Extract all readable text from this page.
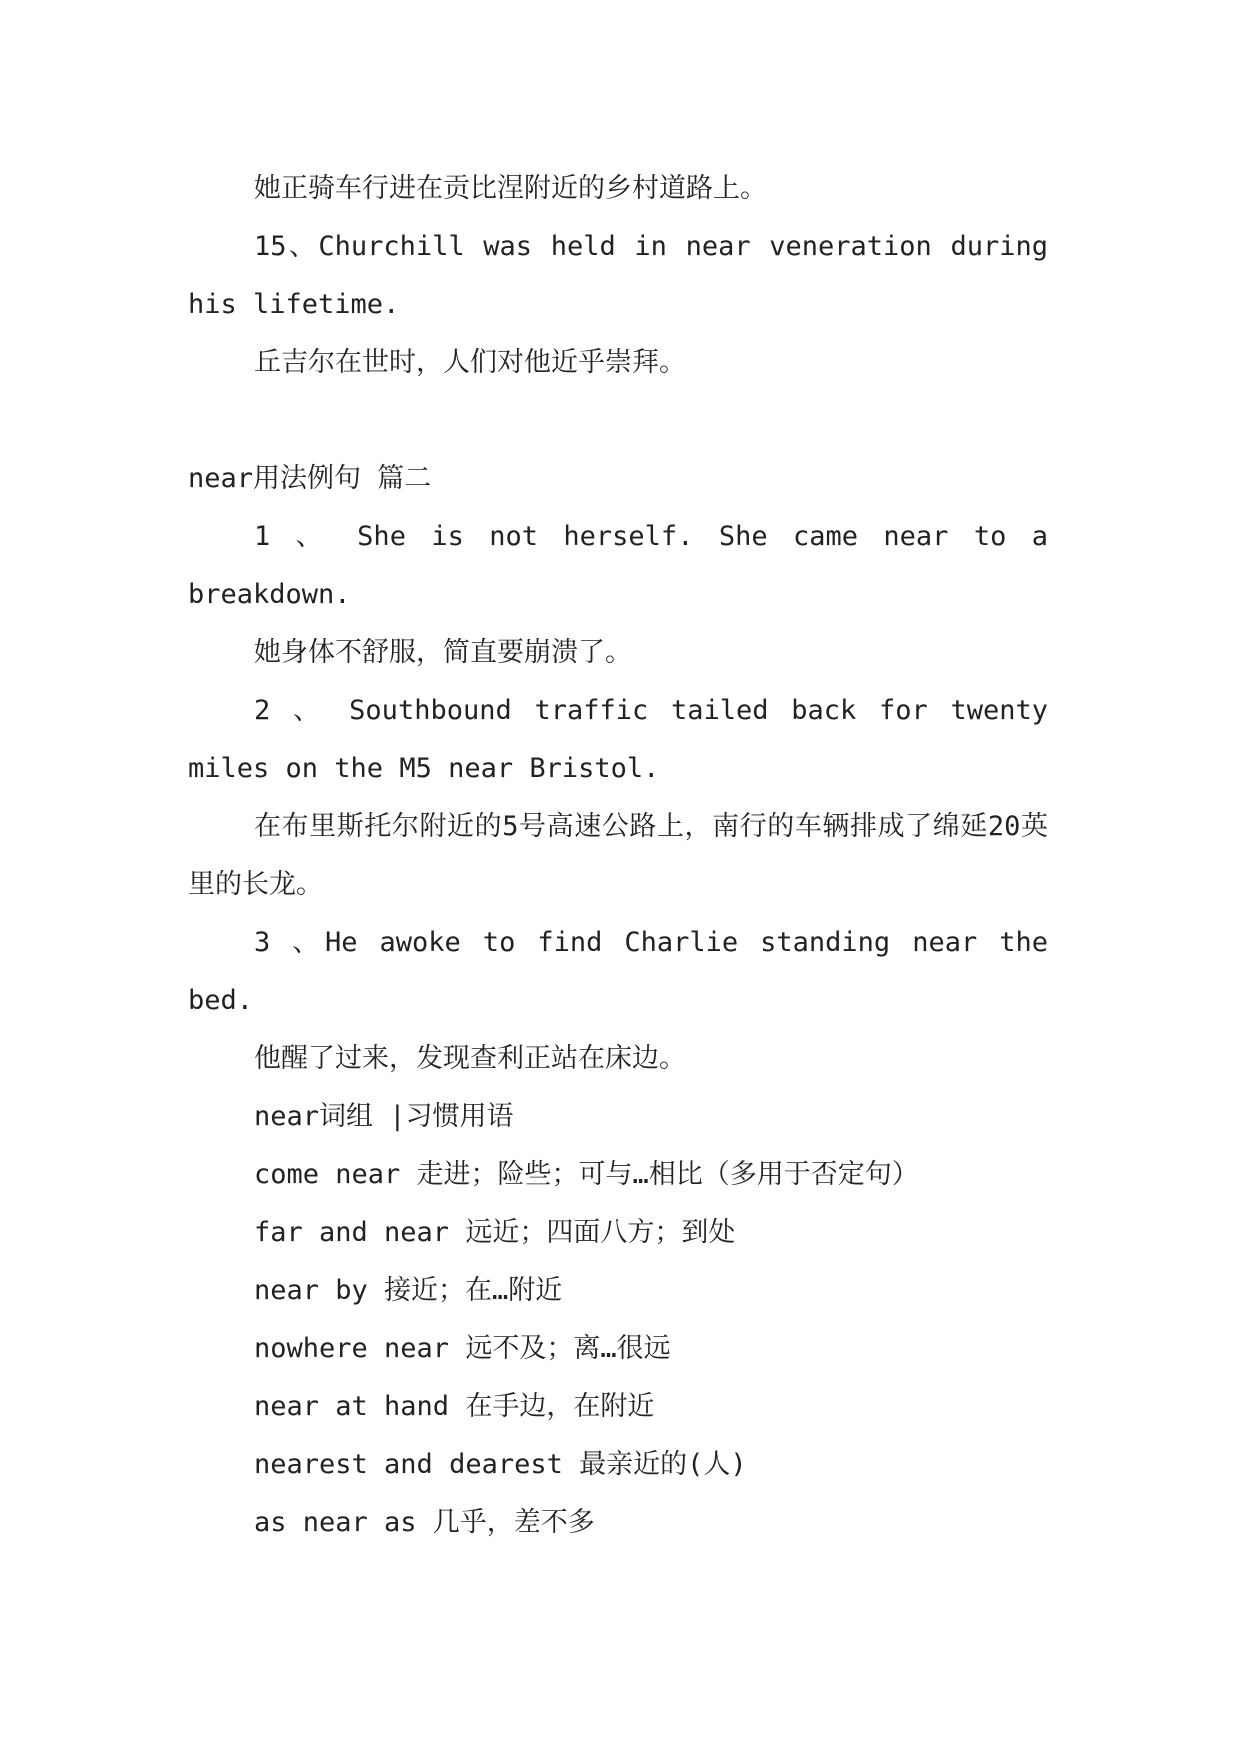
她正骑车行进在贡比涅附近的乡村道路上。

15、Churchill was held in near veneration during his lifetime.

丘吉尔在世时，人们对他近乎崇拜。

near用法例句 篇二

1 、 She is not herself. She came near to a breakdown.

她身体不舒服，简直要崩溃了。

2 、 Southbound traffic tailed back for twenty miles on the M5 near Bristol.

在布里斯托尔附近的5号高速公路上，南行的车辆排成了绵延20英里的长龙。

3 、He awoke to find Charlie standing near the bed.

他醒了过来，发现查利正站在床边。

near词组 |习惯用语

come near 走进；险些；可与…相比（多用于否定句）

far and near 远近；四面八方；到处

near by 接近；在…附近

nowhere near 远不及；离…很远

near at hand 在手边，在附近

nearest and dearest 最亲近的(人)

as near as 几乎，差不多
